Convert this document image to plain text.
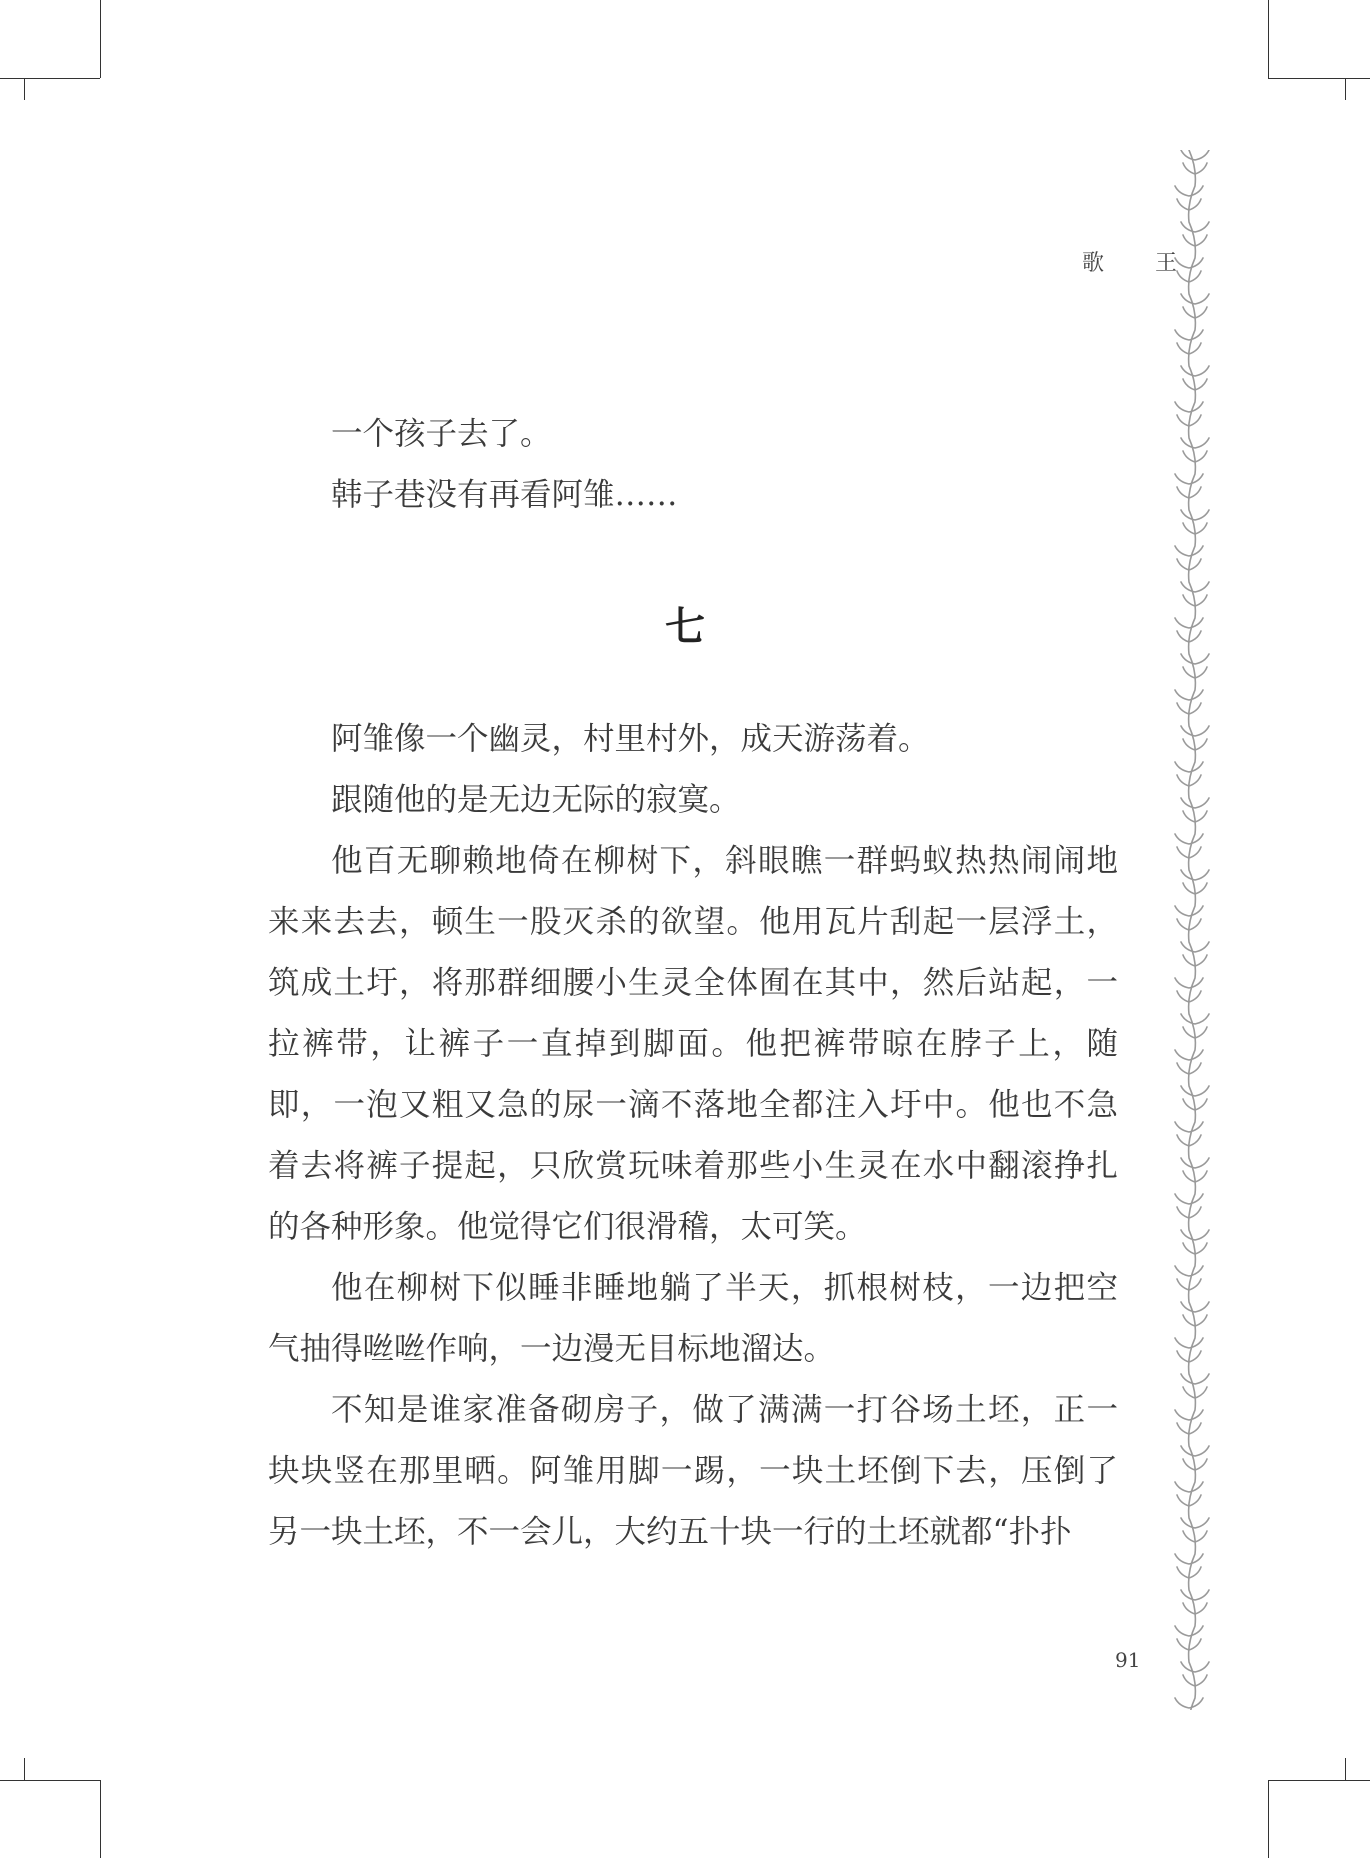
歌 王

一个孩子去了。

韩子巷没有再看阿雏……

七

阿雏像一个幽灵，村里村外，成天游荡着。

跟随他的是无边无际的寂寞。

他百无聊赖地倚在柳树下，斜眼瞧一群蚂蚁热热闹闹地来来去去，顿生一股灭杀的欲望。他用瓦片刮起一层浮土，筑成土圩，将那群细腰小生灵全体囿在其中，然后站起，一拉裤带，让裤子一直掉到脚面。他把裤带晾在脖子上，随即，一泡又粗又急的尿一滴不落地全都注入圩中。他也不急着去将裤子提起，只欣赏玩味着那些小生灵在水中翻滚挣扎的各种形象。他觉得它们很滑稽，太可笑。

他在柳树下似睡非睡地躺了半天，抓根树枝，一边把空气抽得咝咝作响，一边漫无目标地溜达。

不知是谁家准备砌房子，做了满满一打谷场土坯，正一块块竖在那里晒。阿雏用脚一踢，一块土坯倒下去，压倒了另一块土坯，不一会儿，大约五十块一行的土坯就都“扑扑

91
